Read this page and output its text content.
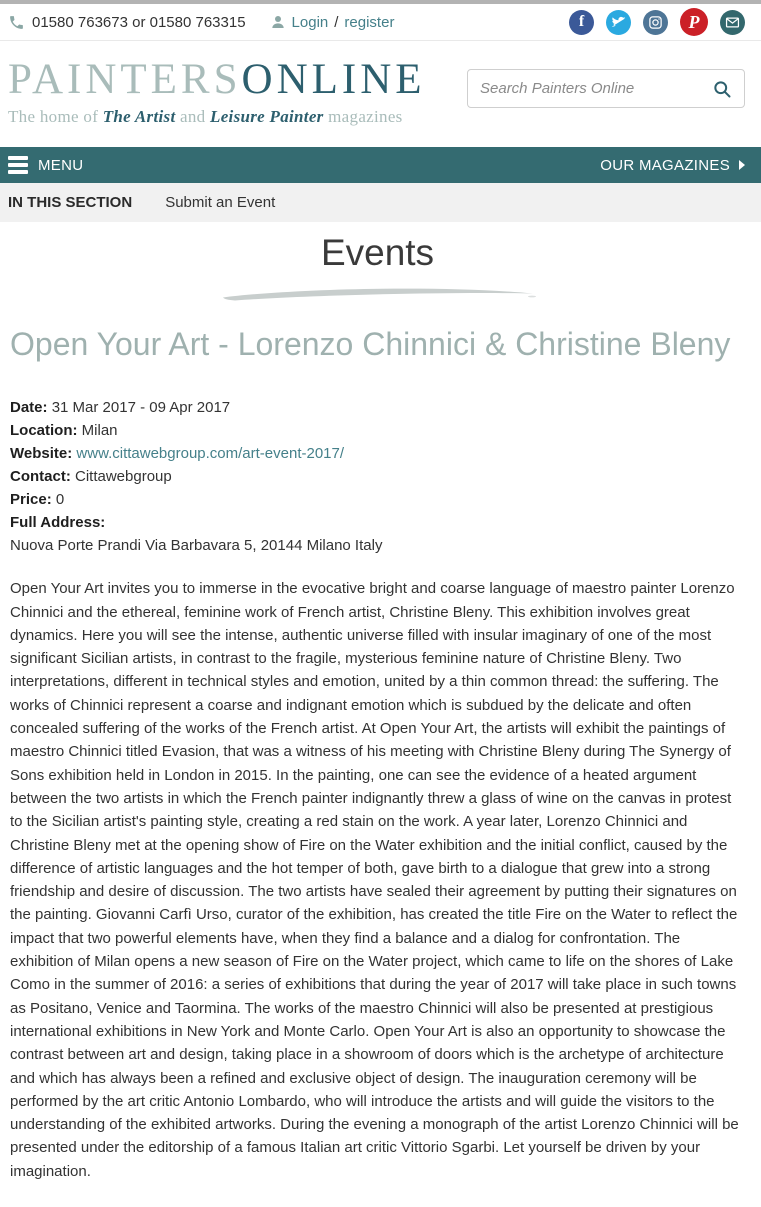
01580 763673 or 01580 763315	Login / register	f	P
PAINTERSONLINE
The home of The Artist and Leisure Painter magazines
Search Painters Online
MENU	OUR MAGAZINES
IN THIS SECTION Submit an Event
Events
Open Your Art - Lorenzo Chinnici & Christine Bleny
Date: 31 Mar 2017 - 09 Apr 2017
Location: Milan
Website: www.cittawebgroup.com/art-event-2017/
Contact: Cittawebgroup
Price: 0
Full Address:
Nuova Porte Prandi Via Barbavara 5, 20144 Milano Italy

Open Your Art invites you to immerse in the evocative bright and coarse language of maestro painter Lorenzo Chinnici and the ethereal, feminine work of French artist, Christine Bleny. This exhibition involves great dynamics. Here you will see the intense, authentic universe filled with insular imaginary of one of the most significant Sicilian artists, in contrast to the fragile, mysterious feminine nature of Christine Bleny. Two interpretations, different in technical styles and emotion, united by a thin common thread: the suffering. The works of Chinnici represent a coarse and indignant emotion which is subdued by the delicate and often concealed suffering of the works of the French artist. At Open Your Art, the artists will exhibit the paintings of maestro Chinnici titled Evasion, that was a witness of his meeting with Christine Bleny during The Synergy of Sons exhibition held in London in 2015. In the painting, one can see the evidence of a heated argument between the two artists in which the French painter indignantly threw a glass of wine on the canvas in protest to the Sicilian artist's painting style, creating a red stain on the work. A year later, Lorenzo Chinnici and Christine Bleny met at the opening show of Fire on the Water exhibition and the initial conflict, caused by the difference of artistic languages and the hot temper of both, gave birth to a dialogue that grew into a strong friendship and desire of discussion. The two artists have sealed their agreement by putting their signatures on the painting. Giovanni Carfì Urso, curator of the exhibition, has created the title Fire on the Water to reflect the impact that two powerful elements have, when they find a balance and a dialog for confrontation. The exhibition of Milan opens a new season of Fire on the Water project, which came to life on the shores of Lake Como in the summer of 2016: a series of exhibitions that during the year of 2017 will take place in such towns as Positano, Venice and Taormina. The works of the maestro Chinnici will also be presented at prestigious international exhibitions in New York and Monte Carlo. Open Your Art is also an opportunity to showcase the contrast between art and design, taking place in a showroom of doors which is the archetype of architecture and which has always been a refined and exclusive object of design. The inauguration ceremony will be performed by the art critic Antonio Lombardo, who will introduce the artists and will guide the visitors to the understanding of the exhibited artworks. During the evening a monograph of the artist Lorenzo Chinnici will be presented under the editorship of a famous Italian art critic Vittorio Sgarbi. Let yourself be driven by your imagination.
